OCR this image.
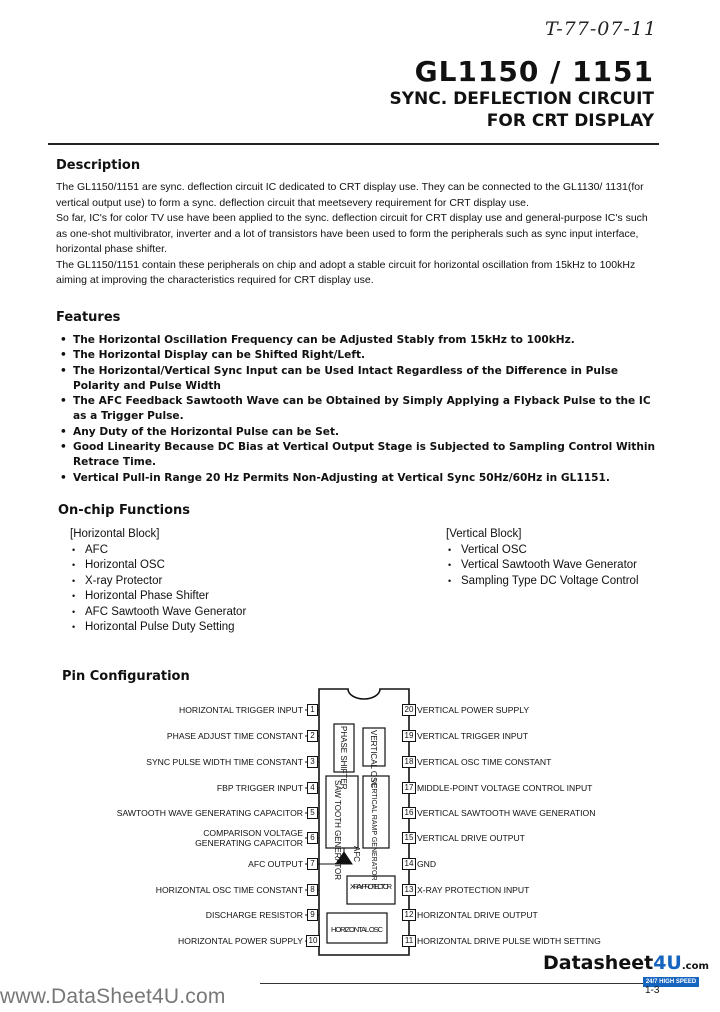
T-77-07-11
GL1150 / 1151
SYNC. DEFLECTION CIRCUIT
FOR CRT DISPLAY
Description

The GL1150/1151 are sync. deflection circuit IC dedicated to CRT display use. They can be connected to the GL1130/ 1131(for vertical output use) to form a sync. deflection circuit that meetsevery requirement for CRT display use.

So far, IC's for color TV use have been applied to the sync. deflection circuit for CRT display use and general-purpose IC's such as one-shot multivibrator, inverter and a lot of transistors have been used to form the peripherals such as sync input interface, horizontal phase shifter.

The GL1150/1151 contain these peripherals on chip and adopt a stable circuit for horizontal oscillation from 15kHz to 100kHz aiming at improving the characteristics required for CRT display use.

Features
• The Horizontal Oscillation Frequency can be Adjusted Stably from 15kHz to 100kHz.
• The Horizontal Display can be Shifted Right/Left.
• The Horizontal/Vertical Sync Input can be Used Intact Regardless of the Difference in Pulse Polarity and Pulse Width
• The AFC Feedback Sawtooth Wave can be Obtained by Simply Applying a Flyback Pulse to the IC as a Trigger Pulse.
• Any Duty of the Horizontal Pulse can be Set.
• Good Linearity Because DC Bias at Vertical Output Stage is Subjected to Sampling Control Within Retrace Time.
• Vertical Pull-in Range 20 Hz Permits Non-Adjusting at Vertical Sync 50Hz/60Hz in GL1151.
On-chip Functions
[Horizontal Block]
• AFC
• Horizontal OSC
• X-ray Protector
• Horizontal Phase Shifter
• AFC Sawtooth Wave Generator
• Horizontal Pulse Duty Setting
[Vertical Block]
• Vertical OSC
• Vertical Sawtooth Wave Generator
• Sampling Type DC Voltage Control
Pin Configuration
PHASE SHIFTER
SAW TOOTH GENERATOR
VERTICAL OSC
VERTICAL RAMP GENERATOR
AFC
X-RAY PRO-TECTOR
HORIZONTAL OSC
1
2
3
4
5
6
7
8
9
10
20
19
18
17
16
15
14
13
12
11
HORIZONTAL TRIGGER INPUT
PHASE ADJUST TIME CONSTANT
SYNC PULSE WIDTH TIME CONSTANT
FBP TRIGGER INPUT
SAWTOOTH WAVE GENERATING CAPACITOR
COMPARISON VOLTAGE
GENERATING CAPACITOR
AFC OUTPUT
HORIZONTAL OSC TIME CONSTANT
DISCHARGE RESISTOR
HORIZONTAL POWER SUPPLY
VERTICAL POWER SUPPLY
VERTICAL TRIGGER INPUT
VERTICAL OSC TIME CONSTANT
MIDDLE-POINT VOLTAGE CONTROL INPUT
VERTICAL SAWTOOTH WAVE GENERATION
VERTICAL DRIVE OUTPUT
GND
X-RAY PROTECTION INPUT
HORIZONTAL DRIVE OUTPUT
HORIZONTAL DRIVE PULSE WIDTH SETTING
Datasheet4U.com
24/7 HIGH SPEED
www.DataSheet4U.com	1-3
